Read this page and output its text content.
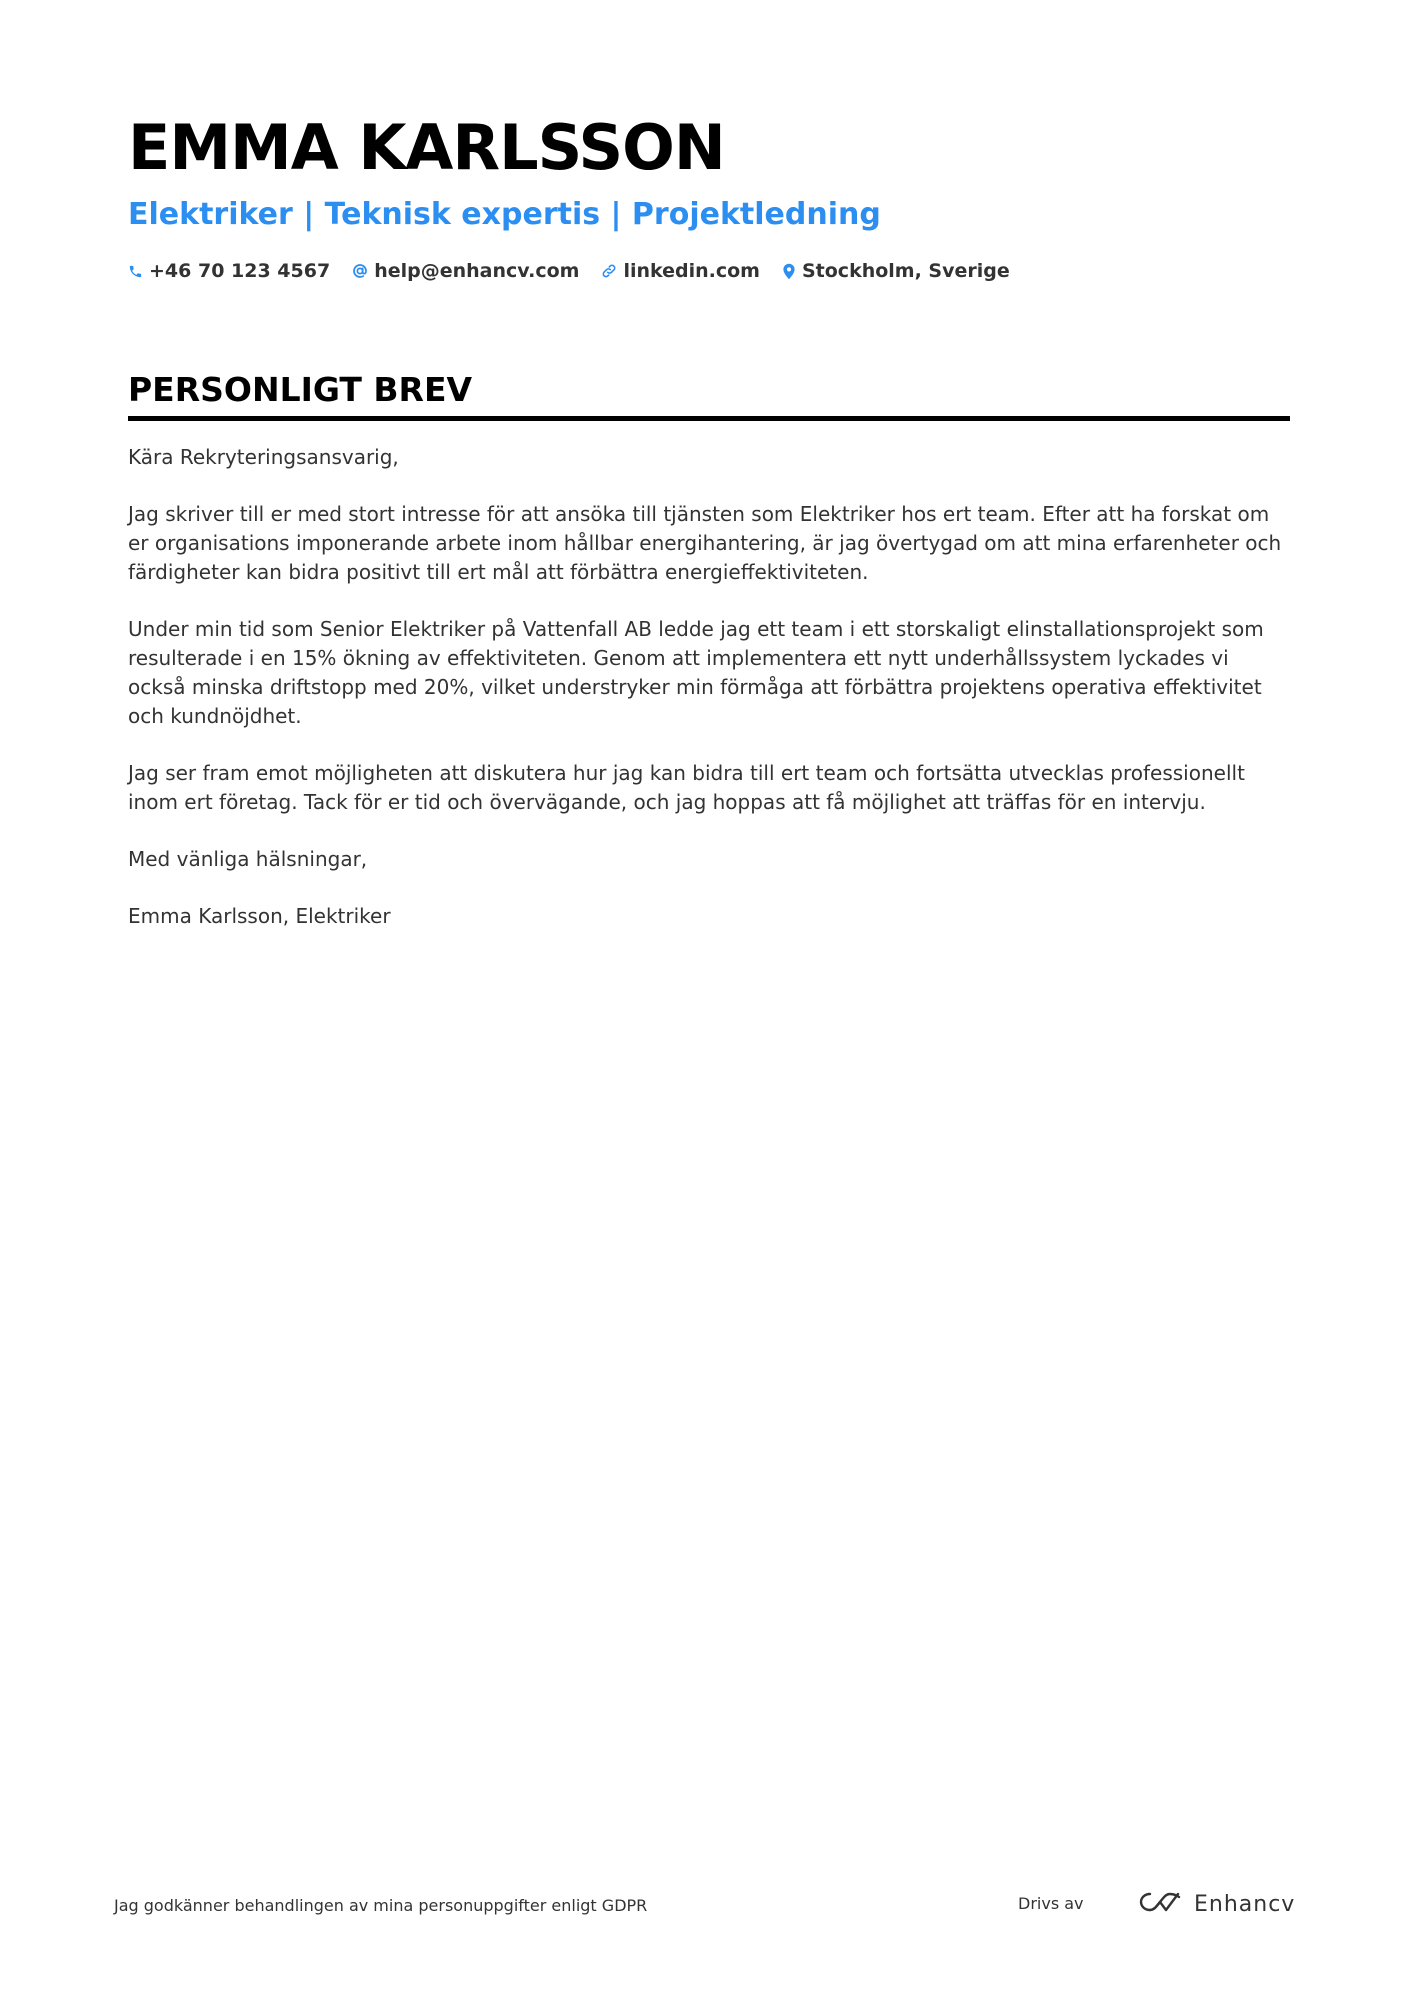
EMMA KARLSSON
Elektriker | Teknisk expertis | Projektledning
+46 70 123 4567 help@enhancv.com linkedin.com Stockholm, Sverige
PERSONLIGT BREV

Kära Rekryteringsansvarig,

Jag skriver till er med stort intresse för att ansöka till tjänsten som Elektriker hos ert team. Efter att ha forskat om er organisations imponerande arbete inom hållbar energihantering, är jag övertygad om att mina erfarenheter och färdigheter kan bidra positivt till ert mål att förbättra energieffektiviteten.

Under min tid som Senior Elektriker på Vattenfall AB ledde jag ett team i ett storskaligt elinstallationsprojekt som resulterade i en 15% ökning av effektiviteten. Genom att implementera ett nytt underhållssystem lyckades vi också minska driftstopp med 20%, vilket understryker min förmåga att förbättra projektens operativa effektivitet och kundnöjdhet.

Jag ser fram emot möjligheten att diskutera hur jag kan bidra till ert team och fortsätta utvecklas professionellt inom ert företag. Tack för er tid och övervägande, och jag hoppas att få möjlighet att träffas för en intervju.

Med vänliga hälsningar,

Emma Karlsson, Elektriker

Jag godkänner behandlingen av mina personuppgifter enligt GDPR	Drivs av	Enhancv
